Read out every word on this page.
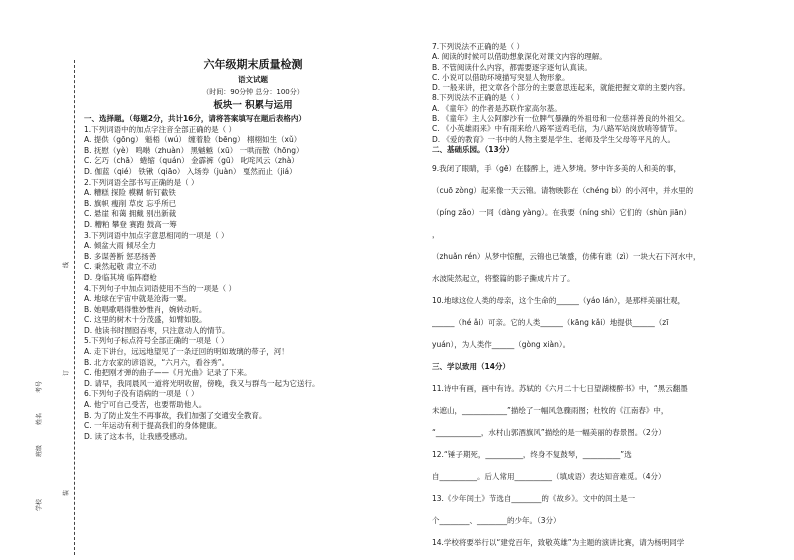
学校
班级
姓名
考号
装
订
线
六年级期末质量检测
语文试题
（时间：90分钟 总分：100分）
板块一 积累与运用
一、选择题。（每题2分，共计16分，请将答案填写在题后表格内）
1.下列词语中的加点字注音全部正确的是（ ）
A. 提供（gōng） 魁梧（wú） 缠着脸（bēng） 栩栩如生（xǔ）
B. 抚慰（yè） 鸣啭（zhuàn） 黑魆魆（xū） 一哄而散（hōng）
C. 乞巧（chā） 蜷缩（quán） 金霹裤（gū） 叱咤风云（zhà）
D. 伽蓝（qié） 铁锹（qiāo） 入场券（juàn） 戛然而止（jiá）
2.下列词语全部书写正确的是（ ）
A. 糟糕 探险 模糊 斩钉截铁
B. 旗帜 瘦削 草皮 忘乎所已
C. 悬崖 和蔼 拥戴 别出新裁
D. 糟粕 攀登 赛跑 鼓高一筹
3.下列词语中加点字意思相同的一项是（ ）
A. 倾盆大雨 倾尽全力
B. 多谋善断 惩恶扬善
C. 秉然起敬 肃立不动
D. 身临其境 临阵磨枪
4.下列句子中加点词语使用不当的一项是（ ）
A. 地球在宇宙中就是沧海一粟。
B. 她唱歌唱得惟妙惟肖，婉转动听。
C. 这里的树木十分茂盛，如臂如股。
D. 他读书时囫囵吞枣，只注意动人的情节。
5.下列句子标点符号全部正确的一项是（ ）
A. 走下讲台，远远地望见了一条迂回的明如玻璃的带子，河！
B. 北方农家的谚语说，“六月六，看谷秀”。
C. 他把刚才弹的曲子——《月光曲》记录了下来。
D. 请早，我同晨风一道将光明收留，傍晚，我又与群鸟一起为它送行。
6.下列句子没有语病的一项是（ ）
A. 他宁可自己受苦，也要帮助他人。
B. 为了防止发生不再事故，我们加强了交通安全教育。
C. 一年运动有利于提高我们的身体健康。
D. 读了这本书，让我感受感动。
7.下列说法不正确的是（ ）
A. 阅读的时候可以借助想象深化对课文内容的理解。
B. 不管阅读什么内容，都需要逐字逐句认真读。
C. 小说可以借助环境描写突显人物形象。
D. 一般来讲，把文章各个部分的主要意思连起来，就能把握文章的主要内容。
8.下列说法不正确的是（ ）
A. 《童年》的作者是苏联作家高尔基。
B. 《童年》主人公阿廖沙有一位脾气暴躁的外祖母和一位慈祥善良的外祖父。
C. 《小英雄雨来》中有雨来给八路军送鸡毛信，为八路军站岗放哨等情节。
D. 《爱的教育》一书中的人物主要是学生、老师及学生父母等平凡的人。
二、基础乐园。（13分）
9.我闭了眼睛，手（gē）在膝醉上，进入梦境。梦中许多美的人和美的事，
（cuō zòng）起来像一天云锦。请物映影在（chéng bì）的小河中，并水里的
（píng zǎo）一同（dàng yàng）。在我要（níng shì）它们的（shùn jiān）
，
（zhuǎn rén）从梦中惊醒，云锦也已皱蹙，仿佛有谁（zì）一块大石下河水中，
水波陡然起立，将整篇的影子撕成片片了。
10.地球这位人类的母亲，这个生命的______（yáo lán），是那样美丽壮观，
______（hé ǎi）可亲。它的人类______（kāng kǎi）地提供______（zī
yuán），为人类作______（gòng xiàn）。
三、学以致用（14分）
11.诗中有画，画中有诗。苏轼的《六月二十七日望湖楼醉书》中，“黑云翻墨
未遮山，____________”描绘了一幅风急骤雨图；杜牧的《江南春》中，
“____________，水村山郭酒旗风”描绘的是一幅美丽的春景图。（2分）
12.“锤子期死，__________，终身不复鼓琴，__________”选
自__________。后人常用__________（填成语）表达知音难觅。（4分）
13.《少年闰土》节选自________的《故乡》。文中的闰土是一
个________、________的少年。（3分）
14.学校将要举行以“建党百年，致敬英雄”为主题的演讲比赛，请为杨明同学
